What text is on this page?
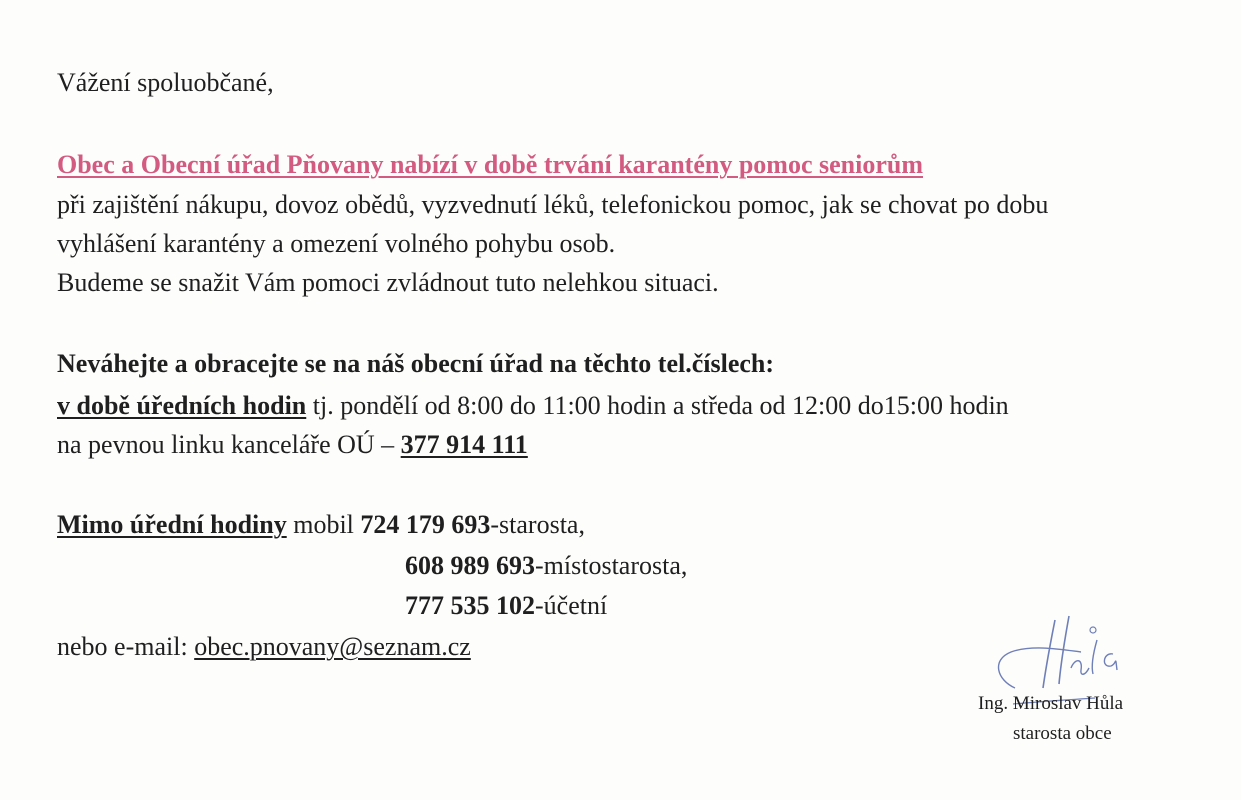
Vážení spoluobčané,
Obec a Obecní úřad Pňovany nabízí v době trvání karantény pomoc seniorům
při zajištění nákupu, dovoz obědů, vyzvednutí léků, telefonickou pomoc, jak se chovat po dobu
vyhlášení karantény a omezení volného pohybu osob.
Budeme se snažit Vám pomoci zvládnout tuto nelehkou situaci.
Neváhejte a obracejte se na náš obecní úřad na těchto tel.číslech:
v době úředních hodin tj. pondělí od 8:00 do 11:00 hodin a středa od 12:00 do15:00 hodin
na pevnou linku kanceláře OÚ – 377 914 111
Mimo úřední hodiny mobil 724 179 693-starosta,
608 989 693-místostarosta,
777 535 102-účetní
nebo e-mail: obec.pnovany@seznam.cz
Ing. Miroslav Hůla
starosta obce
